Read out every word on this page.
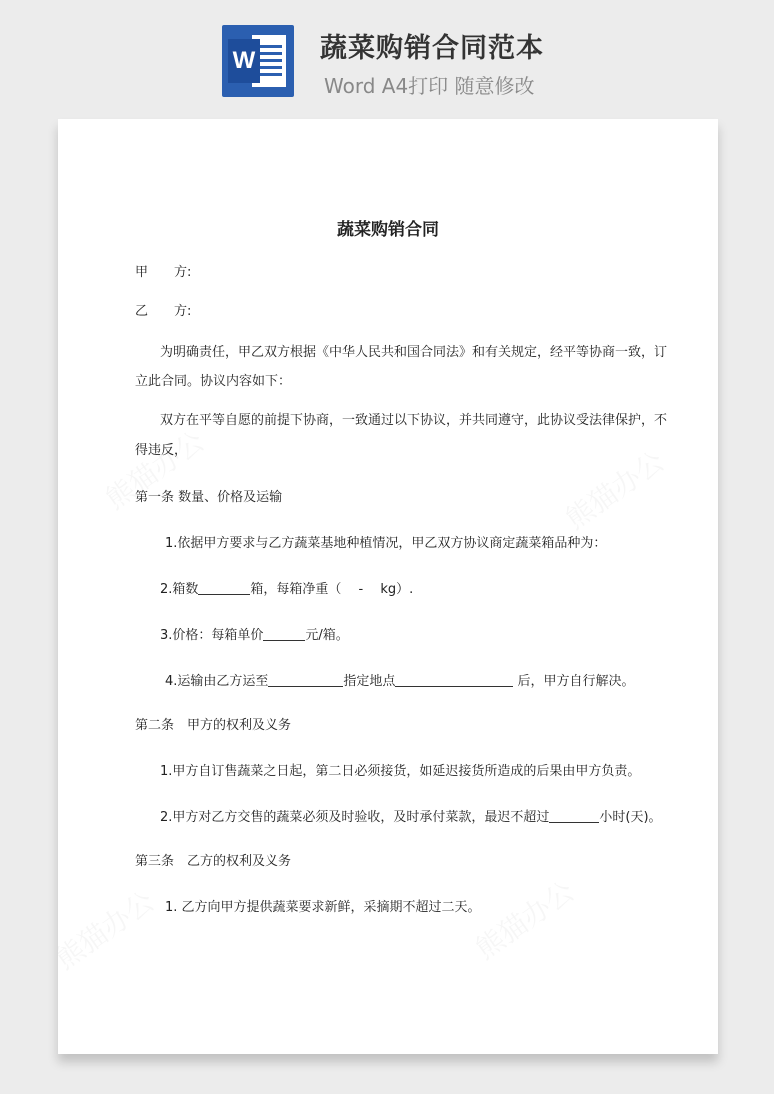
W 蔬菜购销合同范本
Word A4打印 随意修改
蔬菜购销合同
甲　　方:
乙　　方:
为明确责任，甲乙双方根据《中华人民共和国合同法》和有关规定，经平等协商一致，订
立此合同。协议内容如下：
双方在平等自愿的前提下协商，一致通过以下协议，并共同遵守，此协议受法律保护，不
得违反，
第一条 数量、价格及运输
1.依据甲方要求与乙方蔬菜基地种植情况，甲乙双方协议商定蔬菜箱品种为：
2.箱数	箱，每箱净重（　 -　 kg）.
3.价格：每箱单价	元/箱。
4.运输由乙方运至	指定地点	后，甲方自行解决。
第二条　甲方的权利及义务
1.甲方自订售蔬菜之日起，第二日必须接货，如延迟接货所造成的后果由甲方负责。
2.甲方对乙方交售的蔬菜必须及时验收，及时承付菜款，最迟不超过	小时(天)。
第三条　乙方的权利及义务
1. 乙方向甲方提供蔬菜要求新鲜，采摘期不超过二天。
